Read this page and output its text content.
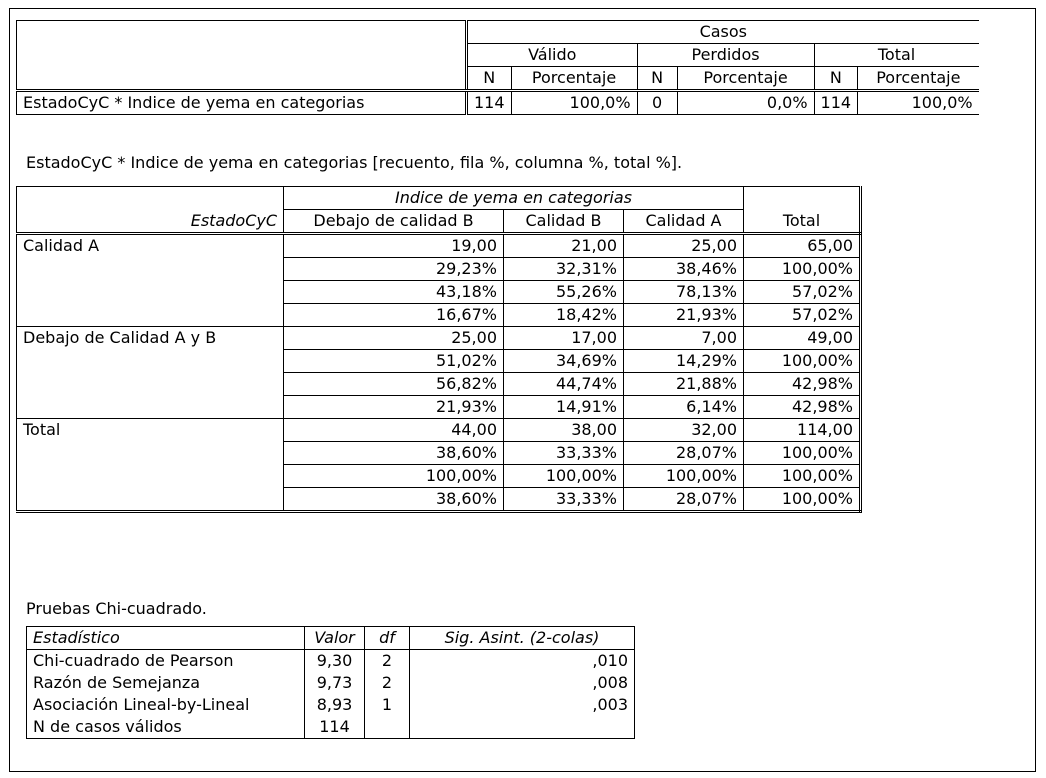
	Casos					
	Válido		Perdidos		Total	
	N	Porcentaje	N	Porcentaje	N	Porcentaje
EstadoCyC * Indice de yema en categorias	114	100,0%	0	0,0%	114	100,0%
EstadoCyC * Indice de yema en categorias [recuento, fila %, columna %, total %].
	Indice de yema en categorias			
EstadoCyC	Debajo de calidad B	Calidad B	Calidad A	Total
Calidad A	19,00	21,00	25,00	65,00
	29,23%	32,31%	38,46%	100,00%
	43,18%	55,26%	78,13%	57,02%
	16,67%	18,42%	21,93%	57,02%
Debajo de Calidad A y B	25,00	17,00	7,00	49,00
	51,02%	34,69%	14,29%	100,00%
	56,82%	44,74%	21,88%	42,98%
	21,93%	14,91%	6,14%	42,98%
Total	44,00	38,00	32,00	114,00
	38,60%	33,33%	28,07%	100,00%
	100,00%	100,00%	100,00%	100,00%
	38,60%	33,33%	28,07%	100,00%
Pruebas Chi-cuadrado.
Estadístico	Valor	df	Sig. Asint. (2-colas)
Chi-cuadrado de Pearson	9,30	2	,010
Razón de Semejanza	9,73	2	,008
Asociación Lineal-by-Lineal	8,93	1	,003
N de casos válidos	114		
